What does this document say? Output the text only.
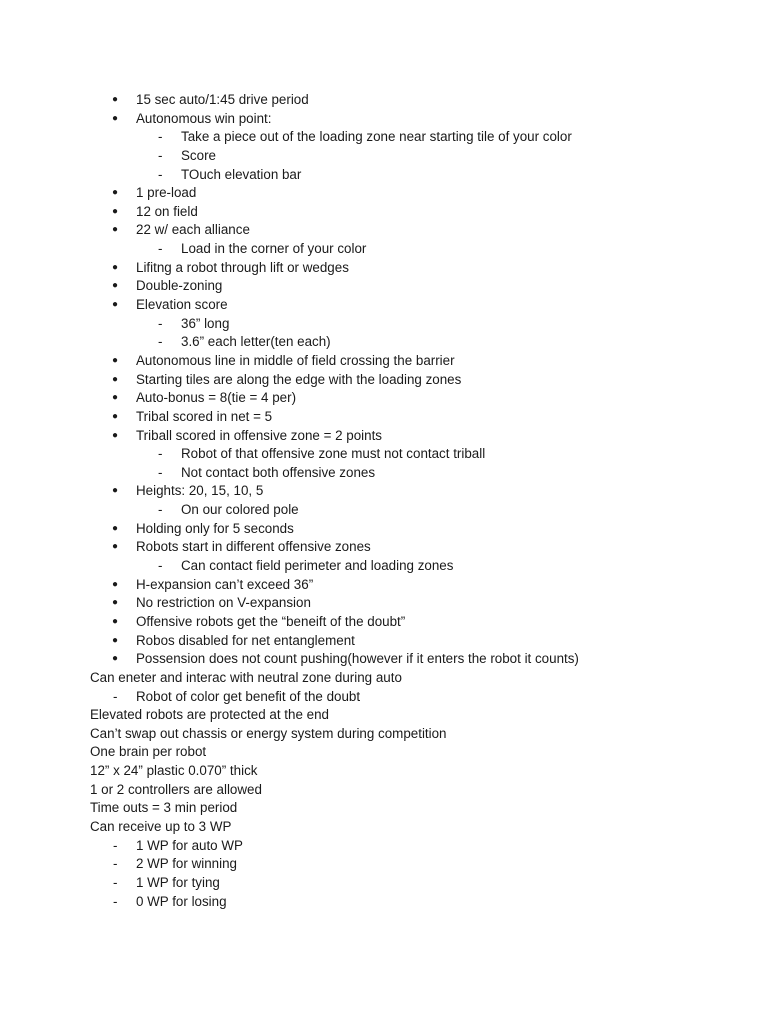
● 15 sec auto/1:45 drive period
● Autonomous win point:
- Take a piece out of the loading zone near starting tile of your color
- Score
- TOuch elevation bar
● 1 pre-load
● 12 on field
● 22 w/ each alliance
- Load in the corner of your color
● Lifitng a robot through lift or wedges
● Double-zoning
● Elevation score
- 36” long
- 3.6” each letter(ten each)
● Autonomous line in middle of field crossing the barrier
● Starting tiles are along the edge with the loading zones
● Auto-bonus = 8(tie = 4 per)
● Tribal scored in net = 5
● Triball scored in offensive zone = 2 points
- Robot of that offensive zone must not contact triball
- Not contact both offensive zones
● Heights: 20, 15, 10, 5
- On our colored pole
● Holding only for 5 seconds
● Robots start in different offensive zones
- Can contact field perimeter and loading zones
● H-expansion can’t exceed 36”
● No restriction on V-expansion
● Offensive robots get the “beneift of the doubt”
● Robos disabled for net entanglement
● Possension does not count pushing(however if it enters the robot it counts)
Can eneter and interac with neutral zone during auto
- Robot of color get benefit of the doubt
Elevated robots are protected at the end
Can’t swap out chassis or energy system during competition
One brain per robot
12” x 24” plastic 0.070” thick
1 or 2 controllers are allowed
Time outs = 3 min period
Can receive up to 3 WP
- 1 WP for auto WP
- 2 WP for winning
- 1 WP for tying
- 0 WP for losing
